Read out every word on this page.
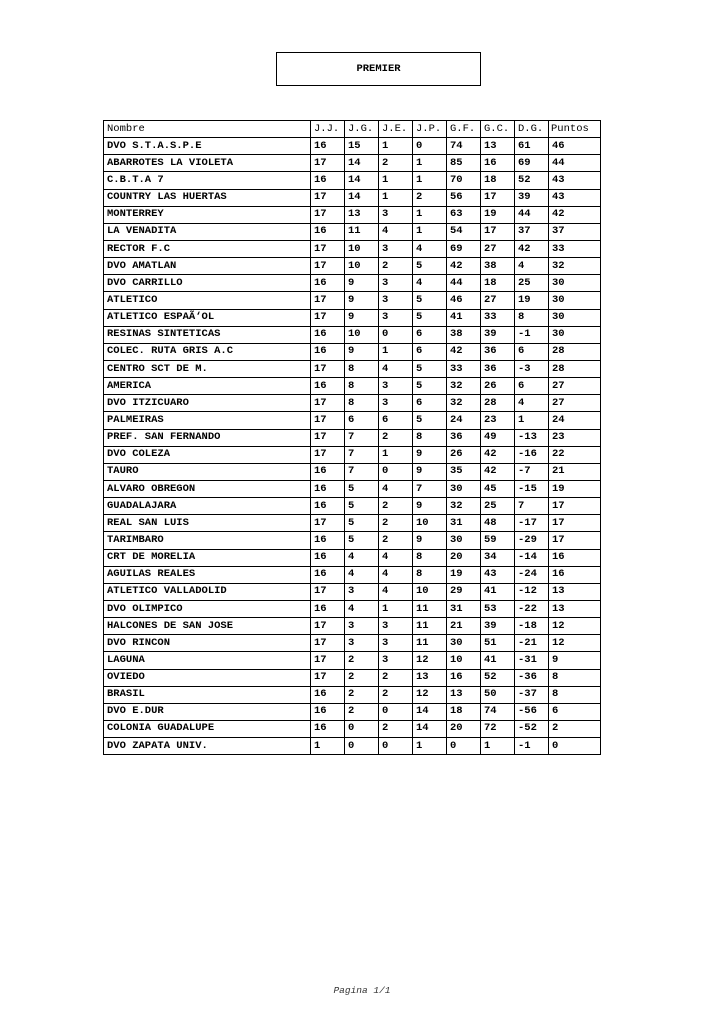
PREMIER
Nombre	J.J.	J.G.	J.E.	J.P.	G.F.	G.C.	D.G.	Puntos
DVO S.T.A.S.P.E	16	15	1	0	74	13	61	46
ABARROTES LA VIOLETA	17	14	2	1	85	16	69	44
C.B.T.A 7	16	14	1	1	70	18	52	43
COUNTRY LAS HUERTAS	17	14	1	2	56	17	39	43
MONTERREY	17	13	3	1	63	19	44	42
LA VENADITA	16	11	4	1	54	17	37	37
RECTOR F.C	17	10	3	4	69	27	42	33
DVO AMATLAN	17	10	2	5	42	38	4	32
DVO CARRILLO	16	9	3	4	44	18	25	30
ATLETICO	17	9	3	5	46	27	19	30
ATLETICO ESPAÃ‘OL	17	9	3	5	41	33	8	30
RESINAS SINTETICAS	16	10	0	6	38	39	-1	30
COLEC. RUTA GRIS A.C	16	9	1	6	42	36	6	28
CENTRO SCT DE M.	17	8	4	5	33	36	-3	28
AMERICA	16	8	3	5	32	26	6	27
DVO ITZICUARO	17	8	3	6	32	28	4	27
PALMEIRAS	17	6	6	5	24	23	1	24
PREF. SAN FERNANDO	17	7	2	8	36	49	-13	23
DVO COLEZA	17	7	1	9	26	42	-16	22
TAURO	16	7	0	9	35	42	-7	21
ALVARO OBREGON	16	5	4	7	30	45	-15	19
GUADALAJARA	16	5	2	9	32	25	7	17
REAL SAN LUIS	17	5	2	10	31	48	-17	17
TARIMBARO	16	5	2	9	30	59	-29	17
CRT DE MORELIA	16	4	4	8	20	34	-14	16
AGUILAS REALES	16	4	4	8	19	43	-24	16
ATLETICO VALLADOLID	17	3	4	10	29	41	-12	13
DVO OLIMPICO	16	4	1	11	31	53	-22	13
HALCONES DE SAN JOSE	17	3	3	11	21	39	-18	12
DVO RINCON	17	3	3	11	30	51	-21	12
LAGUNA	17	2	3	12	10	41	-31	9
OVIEDO	17	2	2	13	16	52	-36	8
BRASIL	16	2	2	12	13	50	-37	8
DVO E.DUR	16	2	0	14	18	74	-56	6
COLONIA GUADALUPE	16	0	2	14	20	72	-52	2
DVO ZAPATA UNIV.	1	0	0	1	0	1	-1	0
Pagina 1/1
